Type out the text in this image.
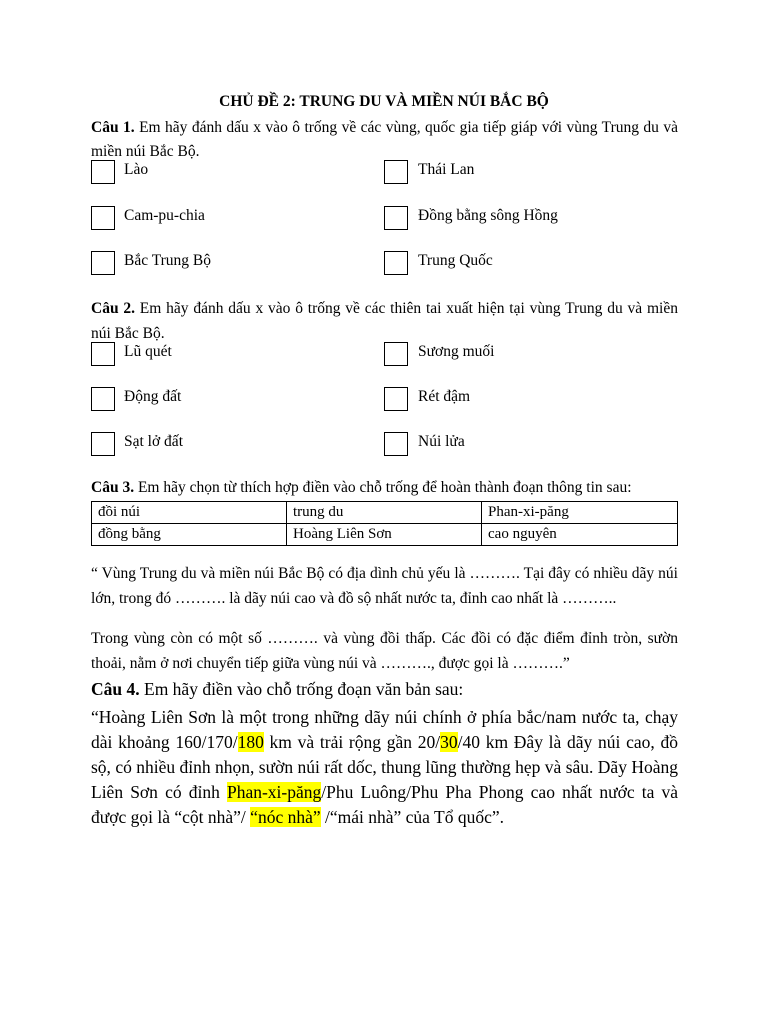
CHỦ ĐỀ 2: TRUNG DU VÀ MIỀN NÚI BẮC BỘ
Câu 1. Em hãy đánh dấu x vào ô trống về các vùng, quốc gia tiếp giáp với vùng Trung du và miền núi Bắc Bộ.
Lào	Thái Lan
Cam-pu-chia	Đồng bằng sông Hồng
Bắc Trung Bộ	Trung Quốc
Câu 2. Em hãy đánh dấu x vào ô trống về các thiên tai xuất hiện tại vùng Trung du và miền núi Bắc Bộ.
Lũ quét	Sương muối
Động đất	Rét đậm
Sạt lở đất	Núi lửa
Câu 3. Em hãy chọn từ thích hợp điền vào chỗ trống để hoàn thành đoạn thông tin sau:
đồi núi	trung du	Phan-xi-păng
đồng bằng	Hoàng Liên Sơn	cao nguyên
“ Vùng Trung du và miền núi Bắc Bộ có địa dình chủ yếu là ………. Tại đây có nhiều dãy núi lớn, trong đó ………. là dãy núi cao và đồ sộ nhất nước ta, đỉnh cao nhất là ………..
Trong vùng còn có một số ………. và vùng đồi thấp. Các đồi có đặc điểm đỉnh tròn, sườn thoải, nằm ở nơi chuyển tiếp giữa vùng núi và ………., được gọi là ……….”
Câu 4. Em hãy điền vào chỗ trống đoạn văn bản sau:
“Hoàng Liên Sơn là một trong những dãy núi chính ở phía bắc/nam nước ta, chạy dài khoảng 160/170/180 km và trải rộng gần 20/30/40 km Đây là dãy núi cao, đồ sộ, có nhiều đỉnh nhọn, sườn núi rất dốc, thung lũng thường hẹp và sâu. Dãy Hoàng Liên Sơn có đỉnh Phan-xi-păng/Phu Luông/Phu Pha Phong cao nhất nước ta và được gọi là “cột nhà”/ “nóc nhà” /“mái nhà” của Tổ quốc”.
